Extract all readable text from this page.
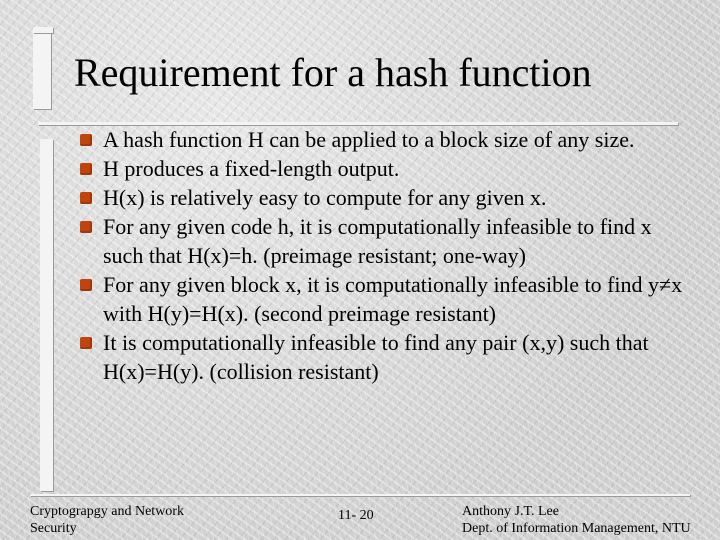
Requirement for a hash function
A hash function H can be applied to a block size of any size.
H produces a fixed-length output.
H(x) is relatively easy to compute for any given x.
For any given code h, it is computationally infeasible to find x such that H(x)=h. (preimage resistant; one-way)
For any given block x, it is computationally infeasible to find y≠x with H(y)=H(x). (second preimage resistant)
It is computationally infeasible to find any pair (x,y) such that H(x)=H(y). (collision resistant)
Cryptograpgy and Network
Security
11- 20	Anthony J.T. Lee
Dept. of Information Management, NTU
